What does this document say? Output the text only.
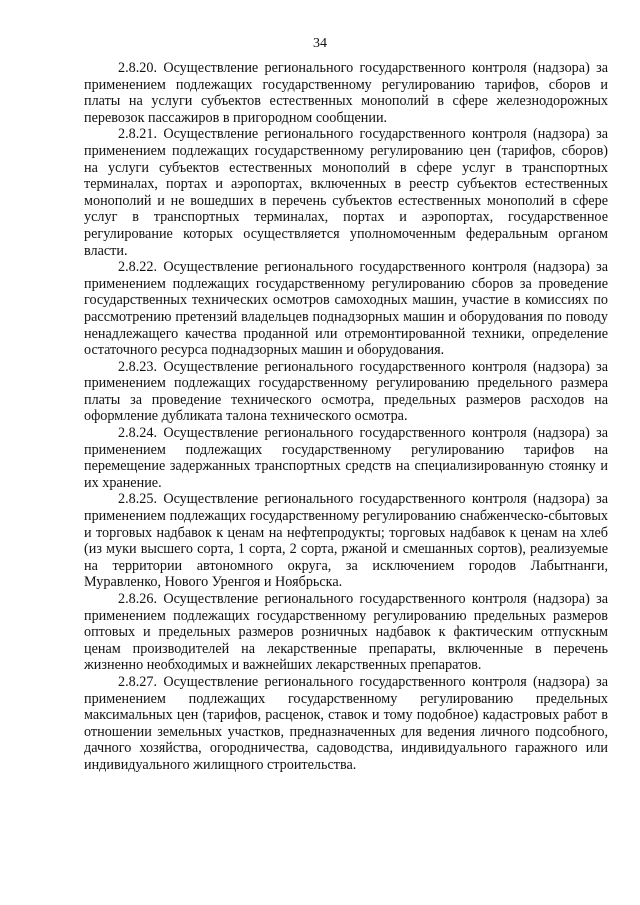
34

2.8.20. Осуществление регионального государственного контроля (надзора) за применением подлежащих государственному регулированию тарифов, сборов и платы на услуги субъектов естественных монополий в сфере железнодорожных перевозок пассажиров в пригородном сообщении.

2.8.21. Осуществление регионального государственного контроля (надзора) за применением подлежащих государственному регулированию цен (тарифов, сборов) на услуги субъектов естественных монополий в сфере услуг в транспортных терминалах, портах и аэропортах, включенных в реестр субъектов естественных монополий и не вошедших в перечень субъектов естественных монополий в сфере услуг в транспортных терминалах, портах и аэропортах, государственное регулирование которых осуществляется уполномоченным федеральным органом власти.

2.8.22. Осуществление регионального государственного контроля (надзора) за применением подлежащих государственному регулированию сборов за проведение государственных технических осмотров самоходных машин, участие в комиссиях по рассмотрению претензий владельцев поднадзорных машин и оборудования по поводу ненадлежащего качества проданной или отремонтированной техники, определение остаточного ресурса поднадзорных машин и оборудования.

2.8.23. Осуществление регионального государственного контроля (надзора) за применением подлежащих государственному регулированию предельного размера платы за проведение технического осмотра, предельных размеров расходов на оформление дубликата талона технического осмотра.

2.8.24. Осуществление регионального государственного контроля (надзора) за применением подлежащих государственному регулированию тарифов на перемещение задержанных транспортных средств на специализированную стоянку и их хранение.

2.8.25. Осуществление регионального государственного контроля (надзора) за применением подлежащих государственному регулированию снабженческо-сбытовых и торговых надбавок к ценам на нефтепродукты; торговых надбавок к ценам на хлеб (из муки высшего сорта, 1 сорта, 2 сорта, ржаной и смешанных сортов), реализуемые на территории автономного округа, за исключением городов Лабытнанги, Муравленко, Нового Уренгоя и Ноябрьска.

2.8.26. Осуществление регионального государственного контроля (надзора) за применением подлежащих государственному регулированию предельных размеров оптовых и предельных размеров розничных надбавок к фактическим отпускным ценам производителей на лекарственные препараты, включенные в перечень жизненно необходимых и важнейших лекарственных препаратов.

2.8.27. Осуществление регионального государственного контроля (надзора) за применением подлежащих государственному регулированию предельных максимальных цен (тарифов, расценок, ставок и тому подобное) кадастровых работ в отношении земельных участков, предназначенных для ведения личного подсобного, дачного хозяйства, огородничества, садоводства, индивидуального гаражного или индивидуального жилищного строительства.
